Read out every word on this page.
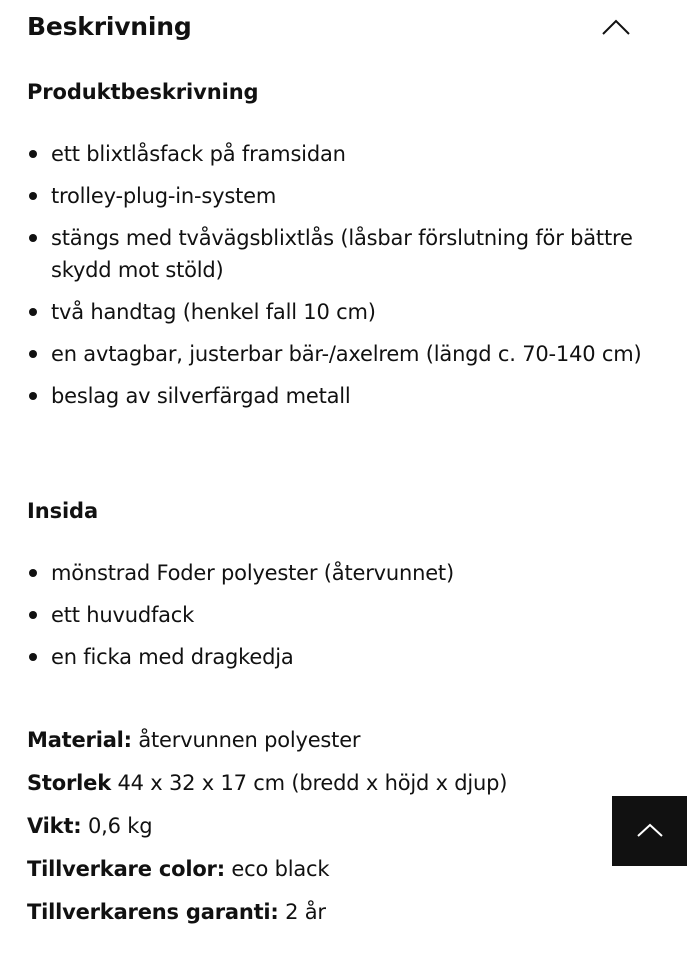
Beskrivning
Produktbeskrivning
ett blixtlåsfack på framsidan
trolley-plug-in-system
stängs med tvåvägsblixtlås (låsbar förslutning för bättre skydd mot stöld)
två handtag (henkel fall 10 cm)
en avtagbar, justerbar bär-/axelrem (längd c. 70-140 cm)
beslag av silverfärgad metall
Insida
mönstrad Foder polyester (återvunnet)
ett huvudfack
en ficka med dragkedja
Material: återvunnen polyester
Storlek 44 x 32 x 17 cm (bredd x höjd x djup)
Vikt: 0,6 kg
Tillverkare color: eco black
Tillverkarens garanti: 2 år
